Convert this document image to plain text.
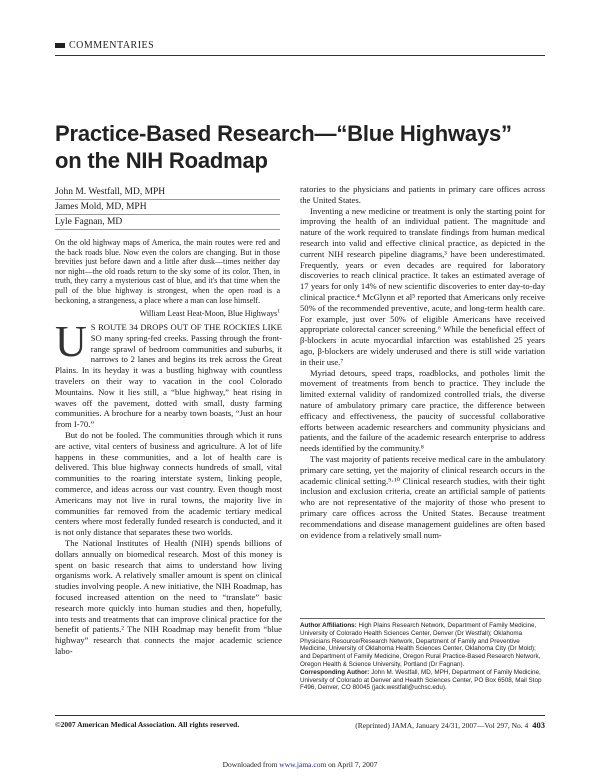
COMMENTARIES
Practice-Based Research—“Blue Highways”
on the NIH Roadmap
John M. Westfall, MD, MPH
James Mold, MD, MPH
Lyle Fagnan, MD
On the old highway maps of America, the main routes were red and the back roads blue. Now even the colors are changing. But in those brevities just before dawn and a little after dusk—times neither day nor night—the old roads return to the sky some of its color. Then, in truth, they carry a mysterious cast of blue, and it's that time when the pull of the blue highway is strongest, when the open road is a beckoning, a strangeness, a place where a man can lose himself.
William Least Heat-Moon, Blue Highways$^1$

U S ROUTE 34 DROPS OUT OF THE ROCKIES LIKE SO many spring-fed creeks. Passing through the front-range sprawl of bedroom communities and suburbs, it narrows to 2 lanes and begins its trek across the Great Plains. In its heyday it was a bustling highway with countless travelers on their way to vacation in the cool Colorado Mountains. Now it lies still, a “blue highway,” heat rising in waves off the pavement, dotted with small, dusty farming communities. A brochure for a nearby town boasts, “Just an hour from I-70.”

But do not be fooled. The communities through which it runs are active, vital centers of business and agriculture. A lot of life happens in these communities, and a lot of health care is delivered. This blue highway connects hundreds of small, vital communities to the roaring interstate system, linking people, commerce, and ideas across our vast country. Even though most Americans may not live in rural towns, the majority live in communities far removed from the academic tertiary medical centers where most federally funded research is conducted, and it is not only distance that separates these two worlds.

The National Institutes of Health (NIH) spends billions of dollars annually on biomedical research. Most of this money is spent on basic research that aims to understand how living organisms work. A relatively smaller amount is spent on clinical studies involving people. A new initiative, the NIH Roadmap, has focused increased attention on the need to “translate” basic research more quickly into human studies and then, hopefully, into tests and treatments that can improve clinical practice for the benefit of patients.² The NIH Roadmap may benefit from “blue highway” research that connects the major academic science labo-

ratories to the physicians and patients in primary care offices across the United States.

Inventing a new medicine or treatment is only the starting point for improving the health of an individual patient. The magnitude and nature of the work required to translate findings from human medical research into valid and effective clinical practice, as depicted in the current NIH research pipeline diagrams,³ have been underestimated. Frequently, years or even decades are required for laboratory discoveries to reach clinical practice. It takes an estimated average of 17 years for only 14% of new scientific discoveries to enter day-to-day clinical practice.⁴ McGlynn et al⁵ reported that Americans only receive 50% of the recommended preventive, acute, and long-term health care. For example, just over 50% of eligible Americans have received appropriate colorectal cancer screening.⁶ While the beneficial effect of β-blockers in acute myocardial infarction was established 25 years ago, β-blockers are widely underused and there is still wide variation in their use.⁷

Myriad detours, speed traps, roadblocks, and potholes limit the movement of treatments from bench to practice. They include the limited external validity of randomized controlled trials, the diverse nature of ambulatory primary care practice, the difference between efficacy and effectiveness, the paucity of successful collaborative efforts between academic researchers and community physicians and patients, and the failure of the academic research enterprise to address needs identified by the community.⁸

The vast majority of patients receive medical care in the ambulatory primary care setting, yet the majority of clinical research occurs in the academic clinical setting.⁹·¹⁰ Clinical research studies, with their tight inclusion and exclusion criteria, create an artificial sample of patients who are not representative of the majority of those who present to primary care offices across the United States. Because treatment recommendations and disease management guidelines are often based on evidence from a relatively small num-

Author Affiliations: High Plains Research Network, Department of Family Medicine, University of Colorado Health Sciences Center, Denver (Dr Westfall); Oklahoma Physicians Resource/Research Network, Department of Family and Preventive Medicine, University of Oklahoma Health Sciences Center, Oklahoma City (Dr Mold); and Department of Family Medicine, Oregon Rural Practice-Based Research Network, Oregon Health & Science University, Portland (Dr Fagnan).
Corresponding Author: John M. Westfall, MD, MPH, Department of Family Medicine, University of Colorado at Denver and Health Sciences Center, PO Box 6508, Mail Stop F496, Denver, CO 80045 (jack.westfall@uchsc.edu).
©2007 American Medical Association. All rights reserved.	(Reprinted) JAMA, January 24/31, 2007—Vol 297, No. 4 403
Downloaded from www.jama.com on April 7, 2007
